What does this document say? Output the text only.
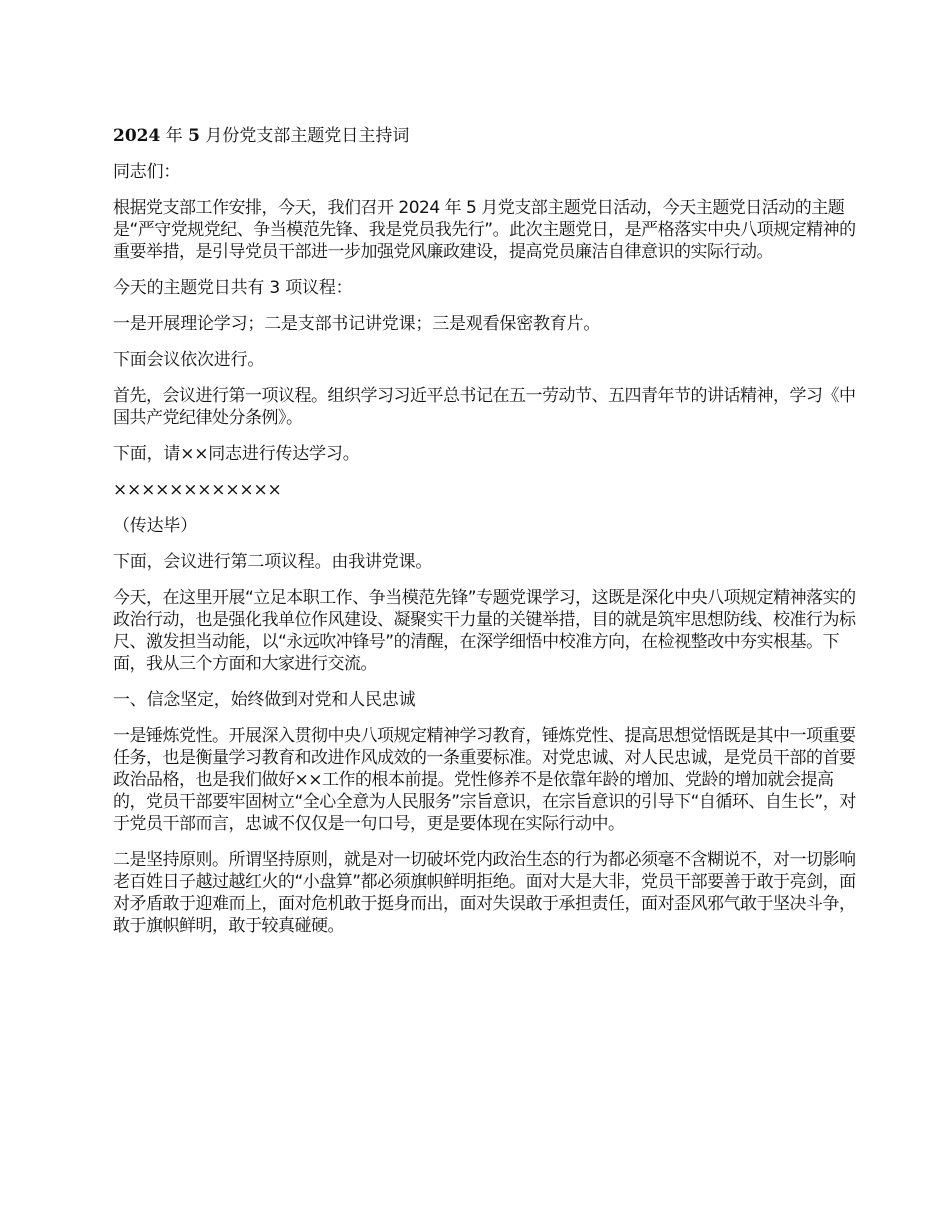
2024 年 5 月份党支部主题党日主持词

同志们：

根据党支部工作安排，今天，我们召开 2024 年 5 月党支部主题党日活动，今天主题党日活动的主题是“严守党规党纪、争当模范先锋、我是党员我先行”。此次主题党日，是严格落实中央八项规定精神的重要举措，是引导党员干部进一步加强党风廉政建设，提高党员廉洁自律意识的实际行动。

今天的主题党日共有 3 项议程：

一是开展理论学习；二是支部书记讲党课；三是观看保密教育片。

下面会议依次进行。

首先，会议进行第一项议程。组织学习习近平总书记在五一劳动节、五四青年节的讲话精神，学习《中国共产党纪律处分条例》。

下面，请××同志进行传达学习。

××××××××××××

（传达毕）

下面，会议进行第二项议程。由我讲党课。

今天，在这里开展“立足本职工作、争当模范先锋”专题党课学习，这既是深化中央八项规定精神落实的政治行动，也是强化我单位作风建设、凝聚实干力量的关键举措，目的就是筑牢思想防线、校准行为标尺、激发担当动能，以“永远吹冲锋号”的清醒，在深学细悟中校准方向，在检视整改中夯实根基。下面，我从三个方面和大家进行交流。

一、信念坚定，始终做到对党和人民忠诚

一是锤炼党性。开展深入贯彻中央八项规定精神学习教育，锤炼党性、提高思想觉悟既是其中一项重要任务，也是衡量学习教育和改进作风成效的一条重要标准。对党忠诚、对人民忠诚，是党员干部的首要政治品格，也是我们做好××工作的根本前提。党性修养不是依靠年龄的增加、党龄的增加就会提高的，党员干部要牢固树立“全心全意为人民服务”宗旨意识，在宗旨意识的引导下“自循环、自生长”，对于党员干部而言，忠诚不仅仅是一句口号，更是要体现在实际行动中。

二是坚持原则。所谓坚持原则，就是对一切破坏党内政治生态的行为都必须毫不含糊说不，对一切影响老百姓日子越过越红火的“小盘算”都必须旗帜鲜明拒绝。面对大是大非，党员干部要善于敢于亮剑，面对矛盾敢于迎难而上，面对危机敢于挺身而出，面对失误敢于承担责任，面对歪风邪气敢于坚决斗争，敢于旗帜鲜明，敢于较真碰硬。
